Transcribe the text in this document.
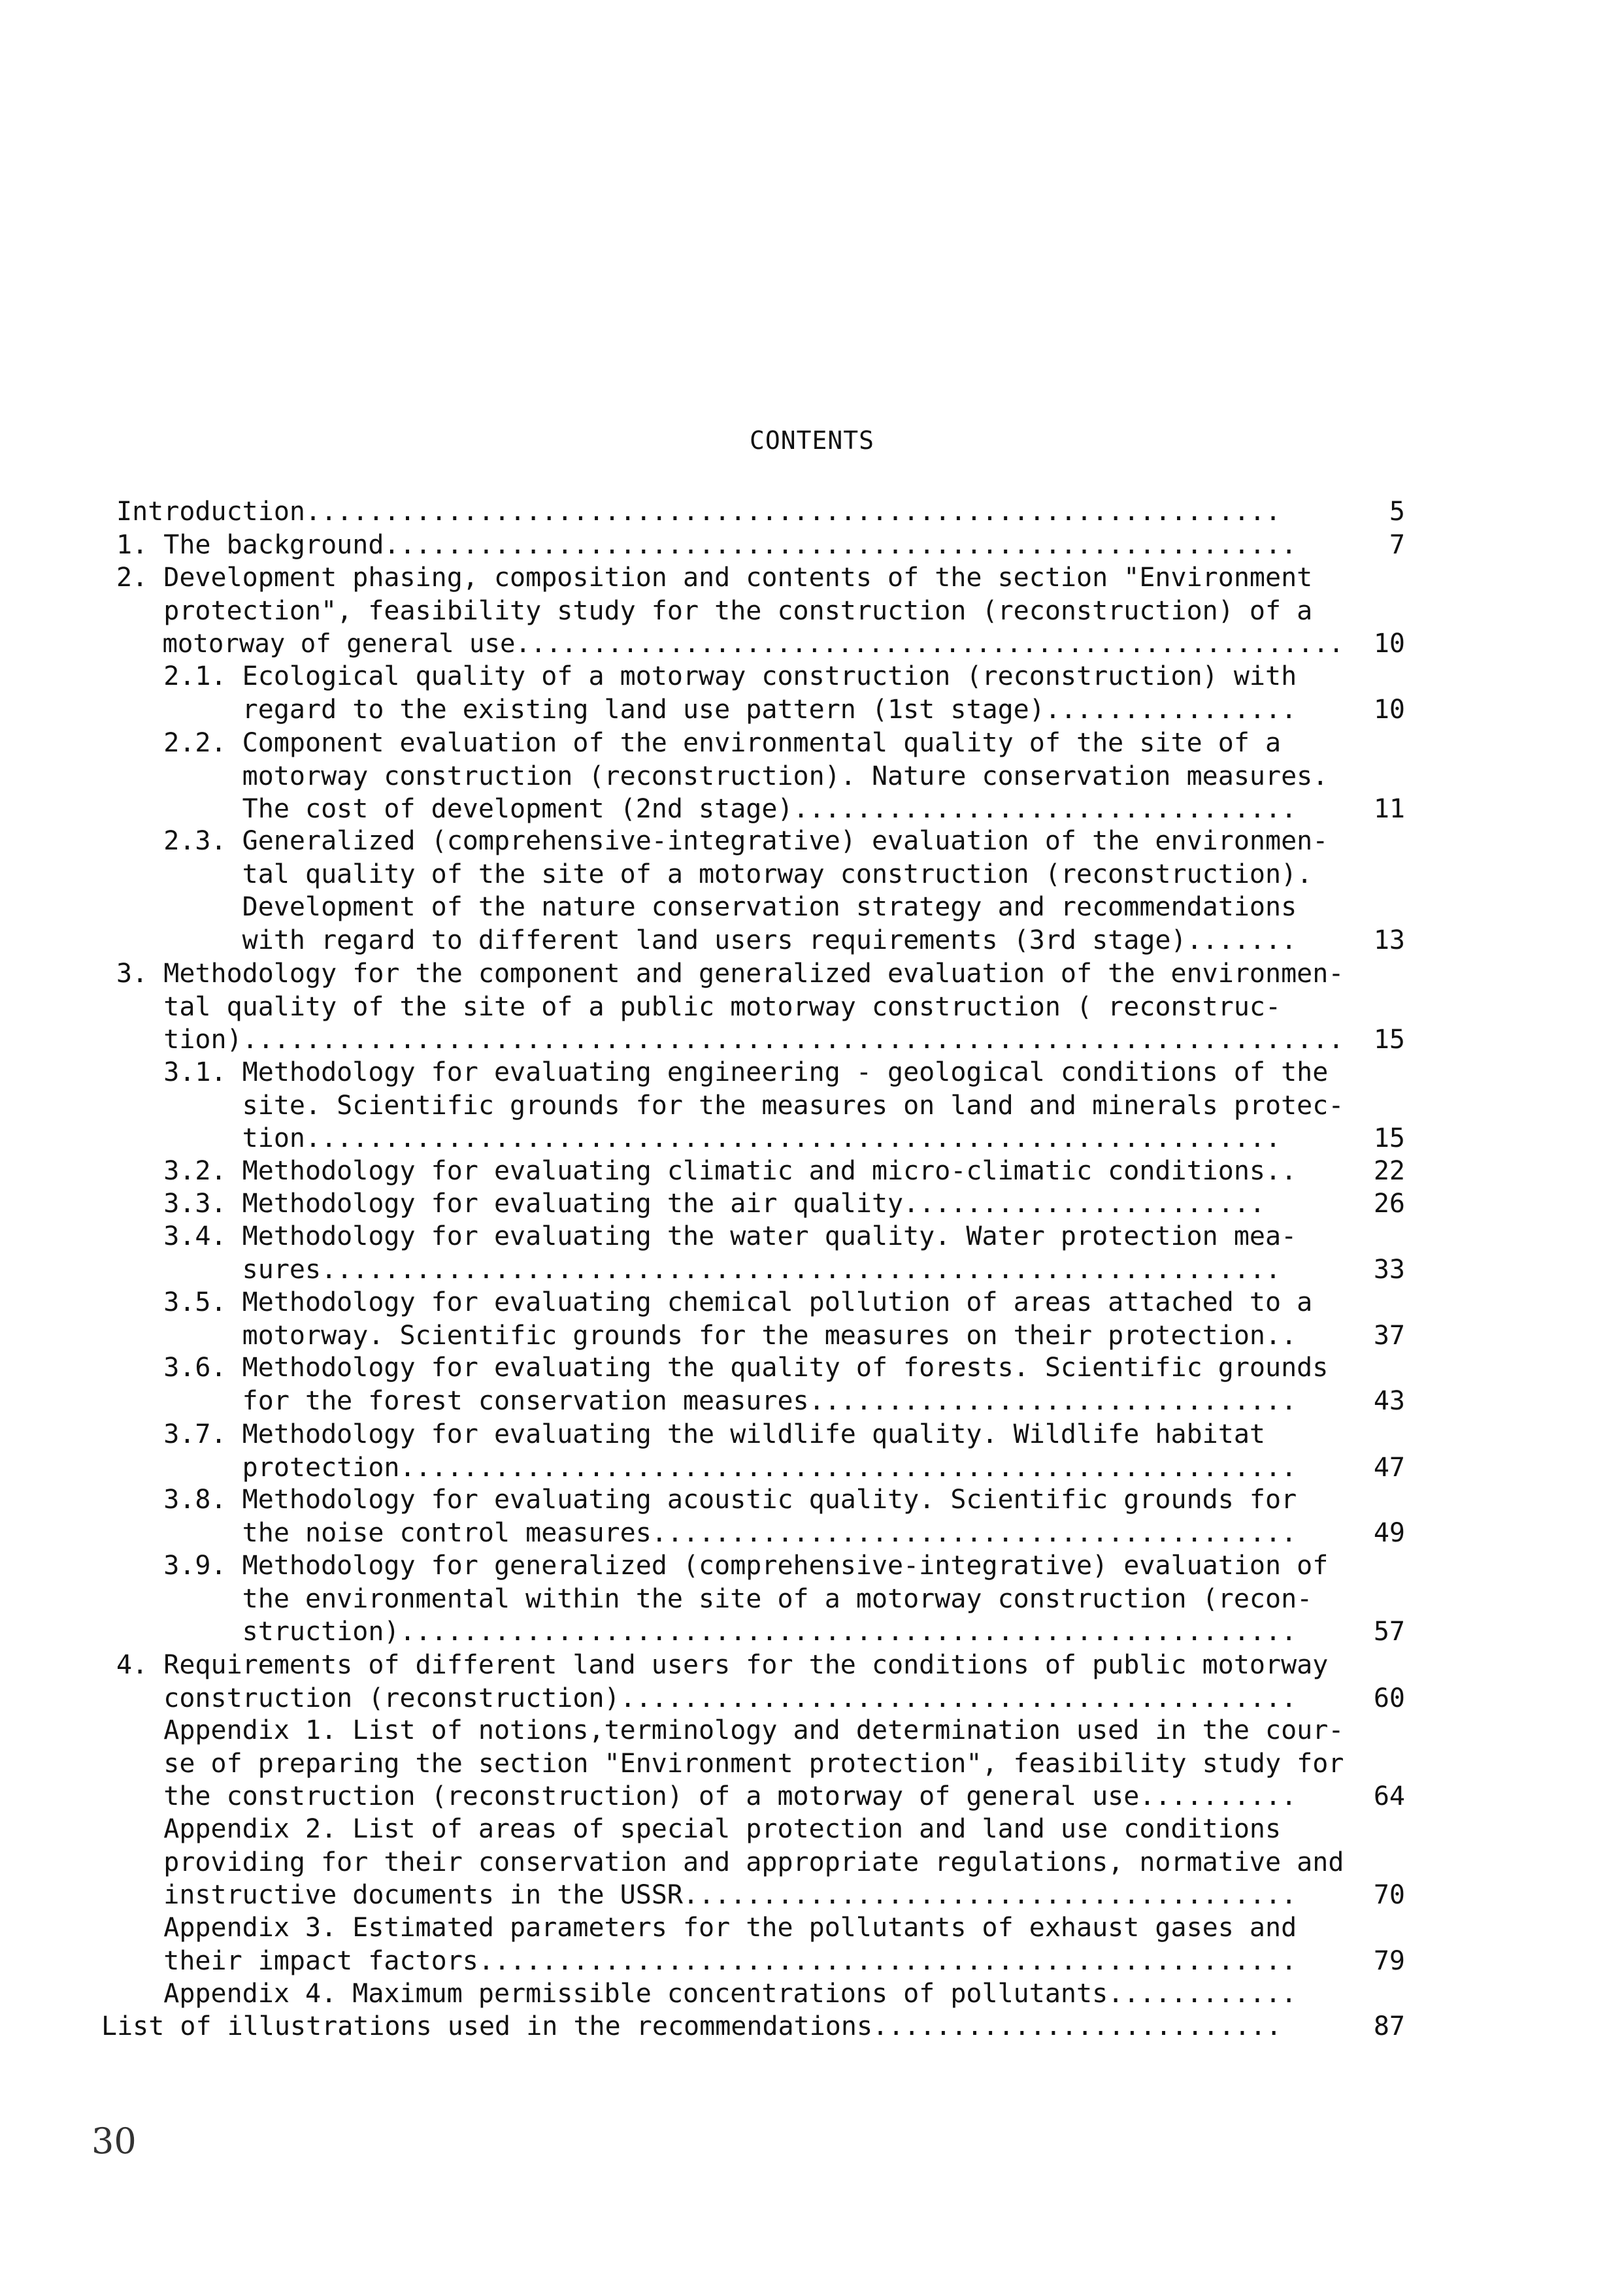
CONTENTS
Introduction..............................................................	5
1. The background..........................................................	7
2. Development phasing, composition and contents of the section "Environment
protection", feasibility study for the construction (reconstruction) of a
motorway of general use...................................................... 10
2.1. Ecological quality of a motorway construction (reconstruction) with
regard to the existing land use pattern (1st stage)................	10
2.2. Component evaluation of the environmental quality of the site of a
motorway construction (reconstruction). Nature conservation measures.
The cost of development (2nd stage)................................	11
2.3. Generalized (comprehensive-integrative) evaluation of the environmen-
tal quality of the site of a motorway construction (reconstruction).
Development of the nature conservation strategy and recommendations
with regard to different land users requirements (3rd stage).......	13
3. Methodology for the component and generalized evaluation of the environmen-
tal quality of the site of a public motorway construction ( reconstruc-
tion)...................................................................... 15
3.1. Methodology for evaluating engineering - geological conditions of the
site. Scientific grounds for the measures on land and minerals protec-
tion..............................................................	15
3.2. Methodology for evaluating climatic and micro-climatic conditions..	22
3.3. Methodology for evaluating the air quality.......................	26
3.4. Methodology for evaluating the water quality. Water protection mea-
sures.............................................................	33
3.5. Methodology for evaluating chemical pollution of areas attached to a
motorway. Scientific grounds for the measures on their protection..	37
3.6. Methodology for evaluating the quality of forests. Scientific grounds
for the forest conservation measures...............................	43
3.7. Methodology for evaluating the wildlife quality. Wildlife habitat
protection.........................................................	47
3.8. Methodology for evaluating acoustic quality. Scientific grounds for
the noise control measures.........................................	49
3.9. Methodology for generalized (comprehensive-integrative) evaluation of
the environmental within the site of a motorway construction (recon-
struction).........................................................	57
4. Requirements of different land users for the conditions of public motorway
construction (reconstruction)...........................................	60
Appendix 1. List of notions,terminology and determination used in the cour-
se of preparing the section "Environment protection", feasibility study for
the construction (reconstruction) of a motorway of general use..........	64
Appendix 2. List of areas of special protection and land use conditions
providing for their conservation and appropriate regulations, normative and
instructive documents in the USSR.......................................	70
Appendix 3. Estimated parameters for the pollutants of exhaust gases and
their impact factors....................................................	79
Appendix 4. Maximum permissible concentrations of pollutants............
List of illustrations used in the recommendations..........................	87
30
